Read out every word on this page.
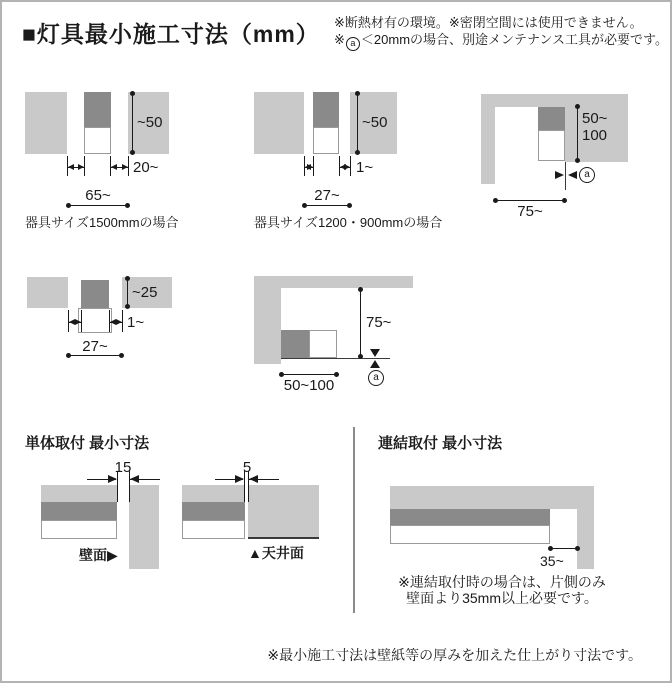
■灯具最小施工寸法（mm） ※断熱材有の環境。※密閉空間には使用できません。
※ a ＜20mmの場合、別途メンテナンス工具が必要です。
~50
20~
65~
器具サイズ1500mmの場合
~50
1~
27~
器具サイズ1200・900mmの場合
a
50~
100
75~
~25
1~
27~
75~
a
50~100
単体取付 最小寸法
15
壁面▶
5
▲天井面
連結取付 最小寸法
35~
※連結取付時の場合は、片側のみ
壁面より35mm以上必要です。
※最小施工寸法は壁紙等の厚みを加えた仕上がり寸法です。
